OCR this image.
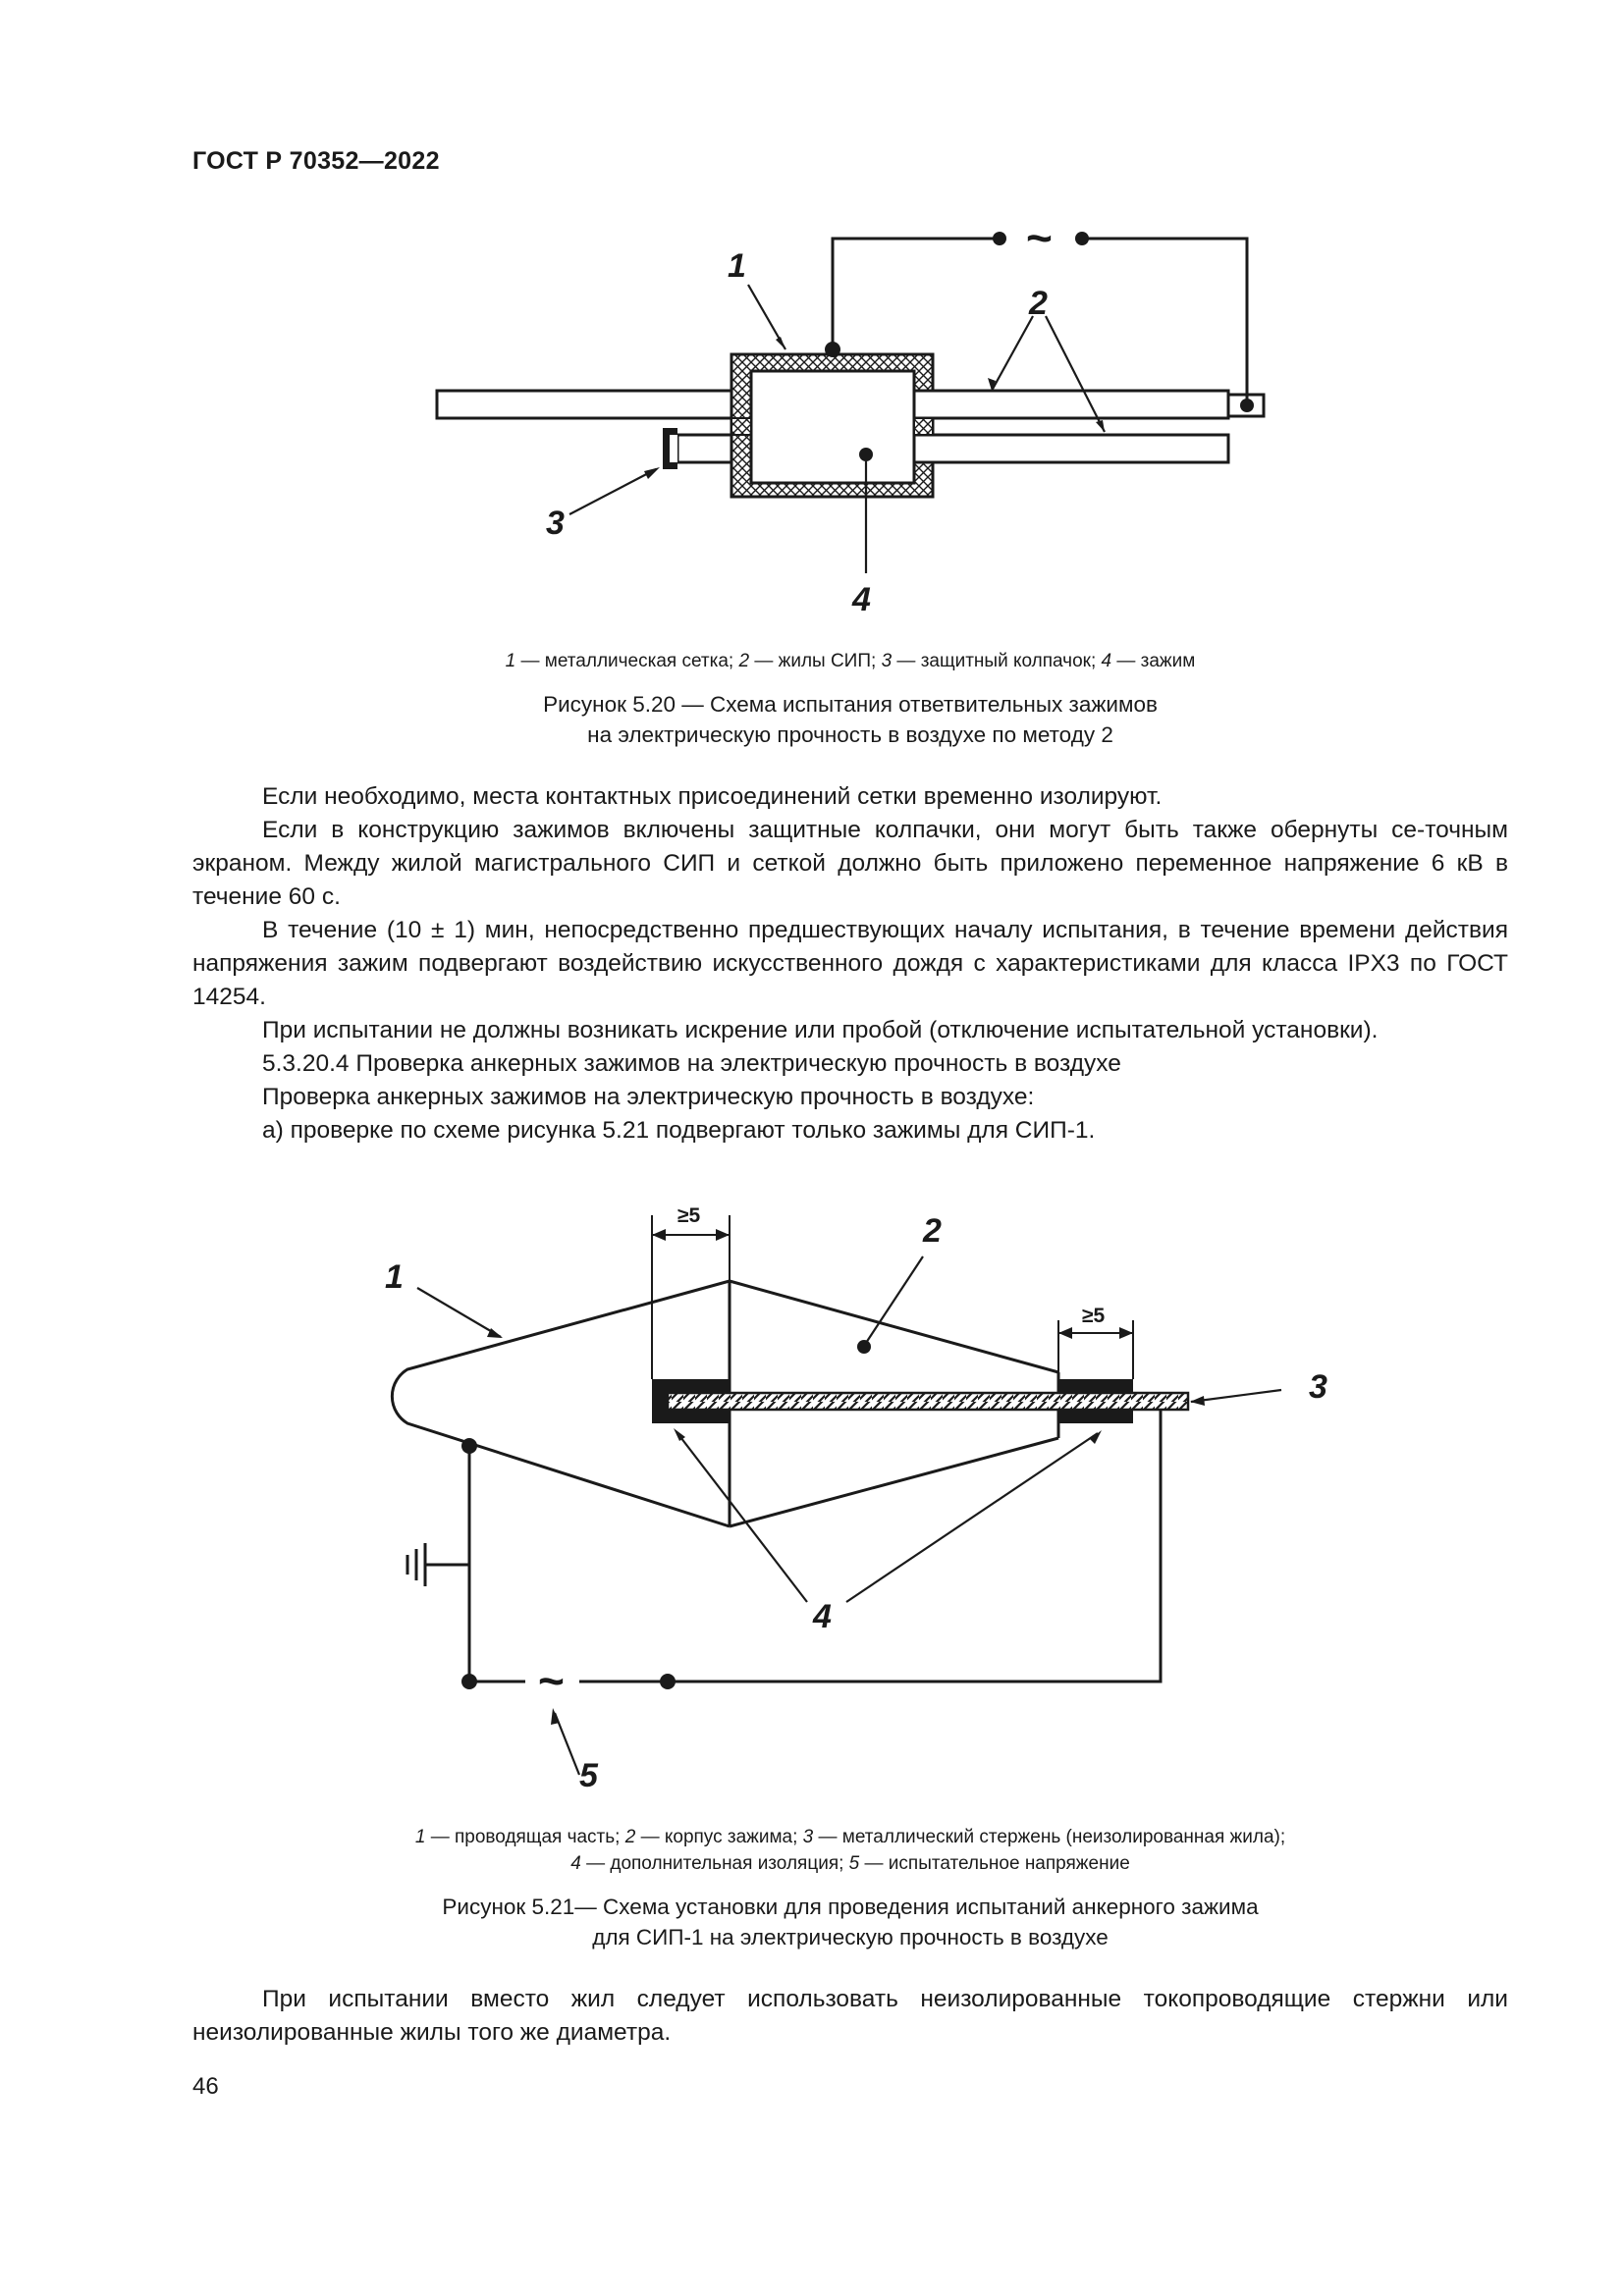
ГОСТ Р 70352—2022
~
1
2
3
4
1 — металлическая сетка; 2 — жилы СИП; 3 — защитный колпачок; 4 — зажим
Рисунок 5.20 — Схема испытания ответвительных зажимов
на электрическую прочность в воздухе по методу 2

Если необходимо, места контактных присоединений сетки временно изолируют.

Если в конструкцию зажимов включены защитные колпачки, они могут быть также обернуты се-точным экраном. Между жилой магистрального СИП и сеткой должно быть приложено переменное напряжение 6 кВ в течение 60 с.

В течение (10 ± 1) мин, непосредственно предшествующих началу испытания, в течение времени действия напряжения зажим подвергают воздействию искусственного дождя с характеристиками для класса IPX3 по ГОСТ 14254.

При испытании не должны возникать искрение или пробой (отключение испытательной установки).

5.3.20.4 Проверка анкерных зажимов на электрическую прочность в воздухе

Проверка анкерных зажимов на электрическую прочность в воздухе:

а) проверке по схеме рисунка 5.21 подвергают только зажимы для СИП-1.

≥5
≥5
~
1
2
3
4
5
1 — проводящая часть; 2 — корпус зажима; 3 — металлический стержень (неизолированная жила);
4 — дополнительная изоляция; 5 — испытательное напряжение
Рисунок 5.21— Схема установки для проведения испытаний анкерного зажима
для СИП-1 на электрическую прочность в воздухе

При испытании вместо жил следует использовать неизолированные токопроводящие стержни или неизолированные жилы того же диаметра.

46
